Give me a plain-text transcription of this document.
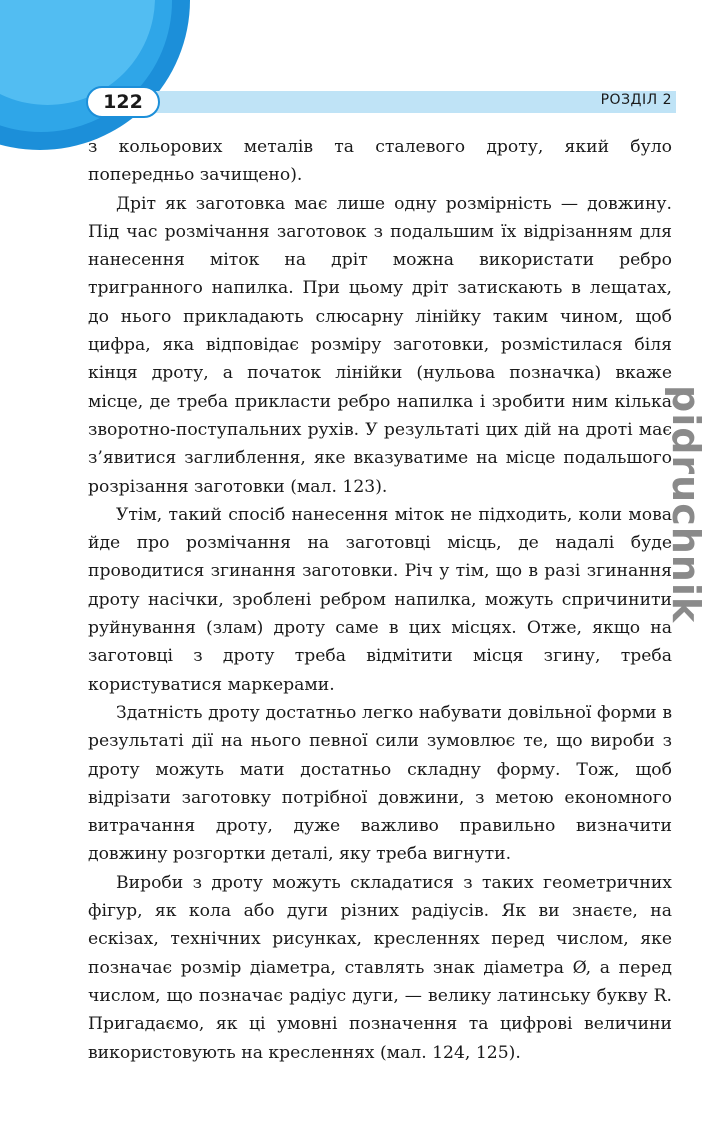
122	РОЗДІЛ 2
pidruchnik

з кольорових металів та сталевого дроту, який було попередньо зачищено).

Дріт як заготовка має лише одну розмірність — довжину. Під час розмічання заготовок з подальшим їх відрізанням для нанесення міток на дріт можна використати ребро тригранного напилка. При цьому дріт затискають в лещатах, до нього прикладають слюсарну лінійку таким чином, щоб цифра, яка відповідає розміру заготовки, розмістилася біля кінця дроту, а початок лінійки (нульова позначка) вкаже місце, де треба прикласти ребро напилка і зробити ним кілька зворотно-поступальних рухів. У результаті цих дій на дроті має з’явитися заглиблення, яке вказуватиме на місце подальшого розрізання заготовки (мал. 123).

Утім, такий спосіб нанесення міток не підходить, коли мова йде про розмічання на заготовці місць, де надалі буде проводитися згинання заготовки. Річ у тім, що в разі згинання дроту насічки, зроблені ребром напилка, можуть спричинити руйнування (злам) дроту саме в цих місцях. Отже, якщо на заготовці з дроту треба відмітити місця згину, треба користуватися маркерами.

Здатність дроту достатньо легко набувати довільної форми в результаті дії на нього певної сили зумовлює те, що вироби з дроту можуть мати достатньо складну форму. Тож, щоб відрізати заготовку потрібної довжини, з метою економного витрачання дроту, дуже важливо правильно визначити довжину розгортки деталі, яку треба вигнути.

Вироби з дроту можуть складатися з таких геометричних фігур, як кола або дуги різних радіусів. Як ви знаєте, на ескізах, технічних рисунках, кресленнях перед числом, яке позначає розмір діаметра, ставлять знак діаметра Ø, а перед числом, що позначає радіус дуги, — велику латинську букву R. Пригадаємо, як ці умовні позначення та цифрові величини використовують на кресленнях (мал. 124, 125).
